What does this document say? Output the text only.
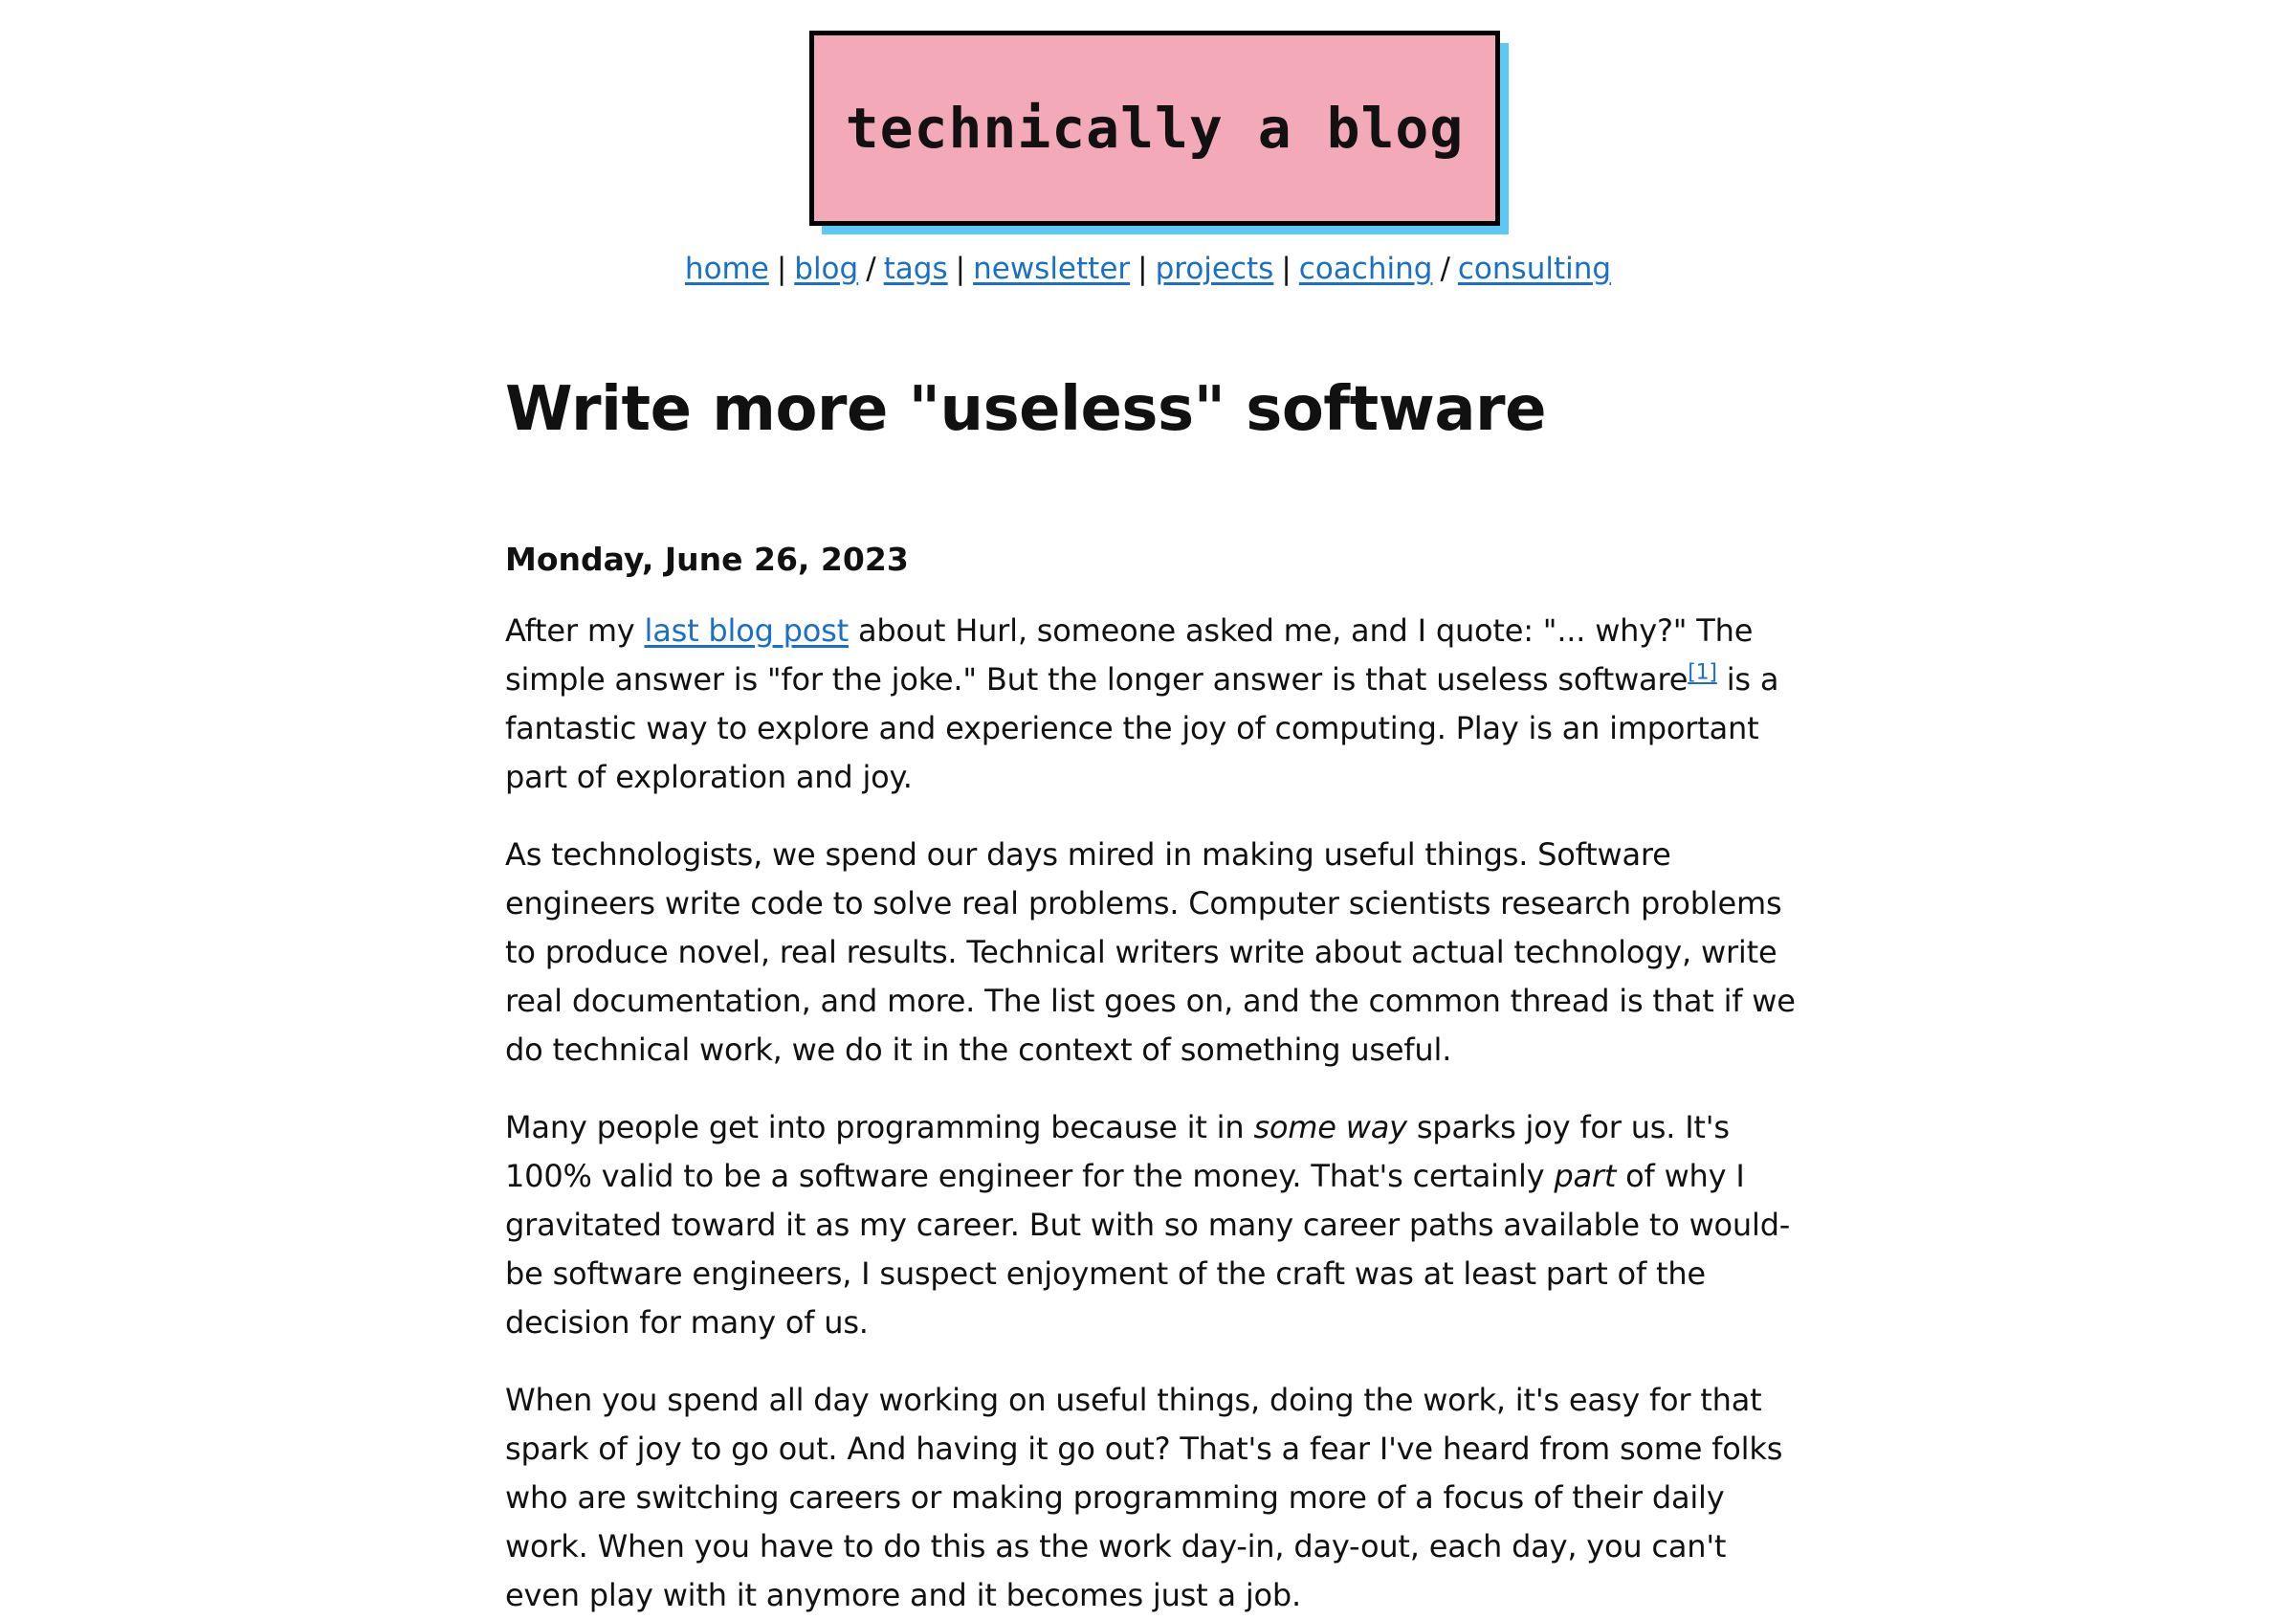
technically a blog
home | blog / tags | newsletter | projects | coaching / consulting
Write more "useless" software

Monday, June 26, 2023

After my last blog post about Hurl, someone asked me, and I quote: "... why?" The simple answer is "for the joke." But the longer answer is that useless software[1] is a fantastic way to explore and experience the joy of computing. Play is an important part of exploration and joy.

As technologists, we spend our days mired in making useful things. Software engineers write code to solve real problems. Computer scientists research problems to produce novel, real results. Technical writers write about actual technology, write real documentation, and more. The list goes on, and the common thread is that if we do technical work, we do it in the context of something useful.

Many people get into programming because it in some way sparks joy for us. It's 100% valid to be a software engineer for the money. That's certainly part of why I gravitated toward it as my career. But with so many career paths available to would-be software engineers, I suspect enjoyment of the craft was at least part of the decision for many of us.

When you spend all day working on useful things, doing the work, it's easy for that spark of joy to go out. And having it go out? That's a fear I've heard from some folks who are switching careers or making programming more of a focus of their daily work. When you have to do this as the work day-in, day-out, each day, you can't even play with it anymore and it becomes just a job.
